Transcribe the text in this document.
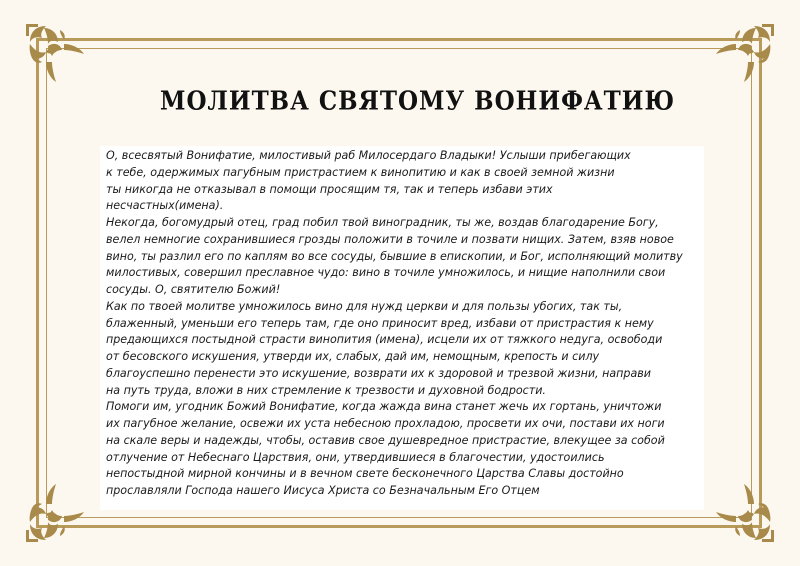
МОЛИТВА СВЯТОМУ ВОНИФАТИЮ
О, всесвятый Вонифатие, милостивый раб Милосердаго Владыки! Услыши прибегающих
к тебе, одержимых пагубным пристрастием к винопитию и как в своей земной жизни
ты никогда не отказывал в помощи просящим тя, так и теперь избави этих
несчастных(имена).
Некогда, богомудрый отец, град побил твой виноградник, ты же, воздав благодарение Богу,
велел немногие сохранившиеся грозды положити в точиле и позвати нищих. Затем, взяв новое
вино, ты разлил его по каплям во все сосуды, бывшие в епископии, и Бог, исполняющий молитву
милостивых, совершил преславное чудо: вино в точиле умножилось, и нищие наполнили свои
сосуды. О, святителю Божий!
Как по твоей молитве умножилось вино для нужд церкви и для пользы убогих, так ты,
блаженный, уменьши его теперь там, где оно приносит вред, избави от пристрастия к нему
предающихся постыдной страсти винопития (имена), исцели их от тяжкого недуга, освободи
от бесовского искушения, утверди их, слабых, дай им, немощным, крепость и силу
благоуспешно перенести это искушение, возврати их к здоровой и трезвой жизни, направи
на путь труда, вложи в них стремление к трезвости и духовной бодрости.
Помоги им, угодник Божий Вонифатие, когда жажда вина станет жечь их гортань, уничтожи
их пагубное желание, освежи их уста небесною прохладою, просвети их очи, постави их ноги
на скале веры и надежды, чтобы, оставив свое душевредное пристрастие, влекущее за собой
отлучение от Небеснаго Царствия, они, утвердившиеся в благочестии, удостоились
непостыдной мирной кончины и в вечном свете бесконечного Царства Славы достойно
прославляли Господа нашего Иисуса Христа со Безначальным Его Отцем
